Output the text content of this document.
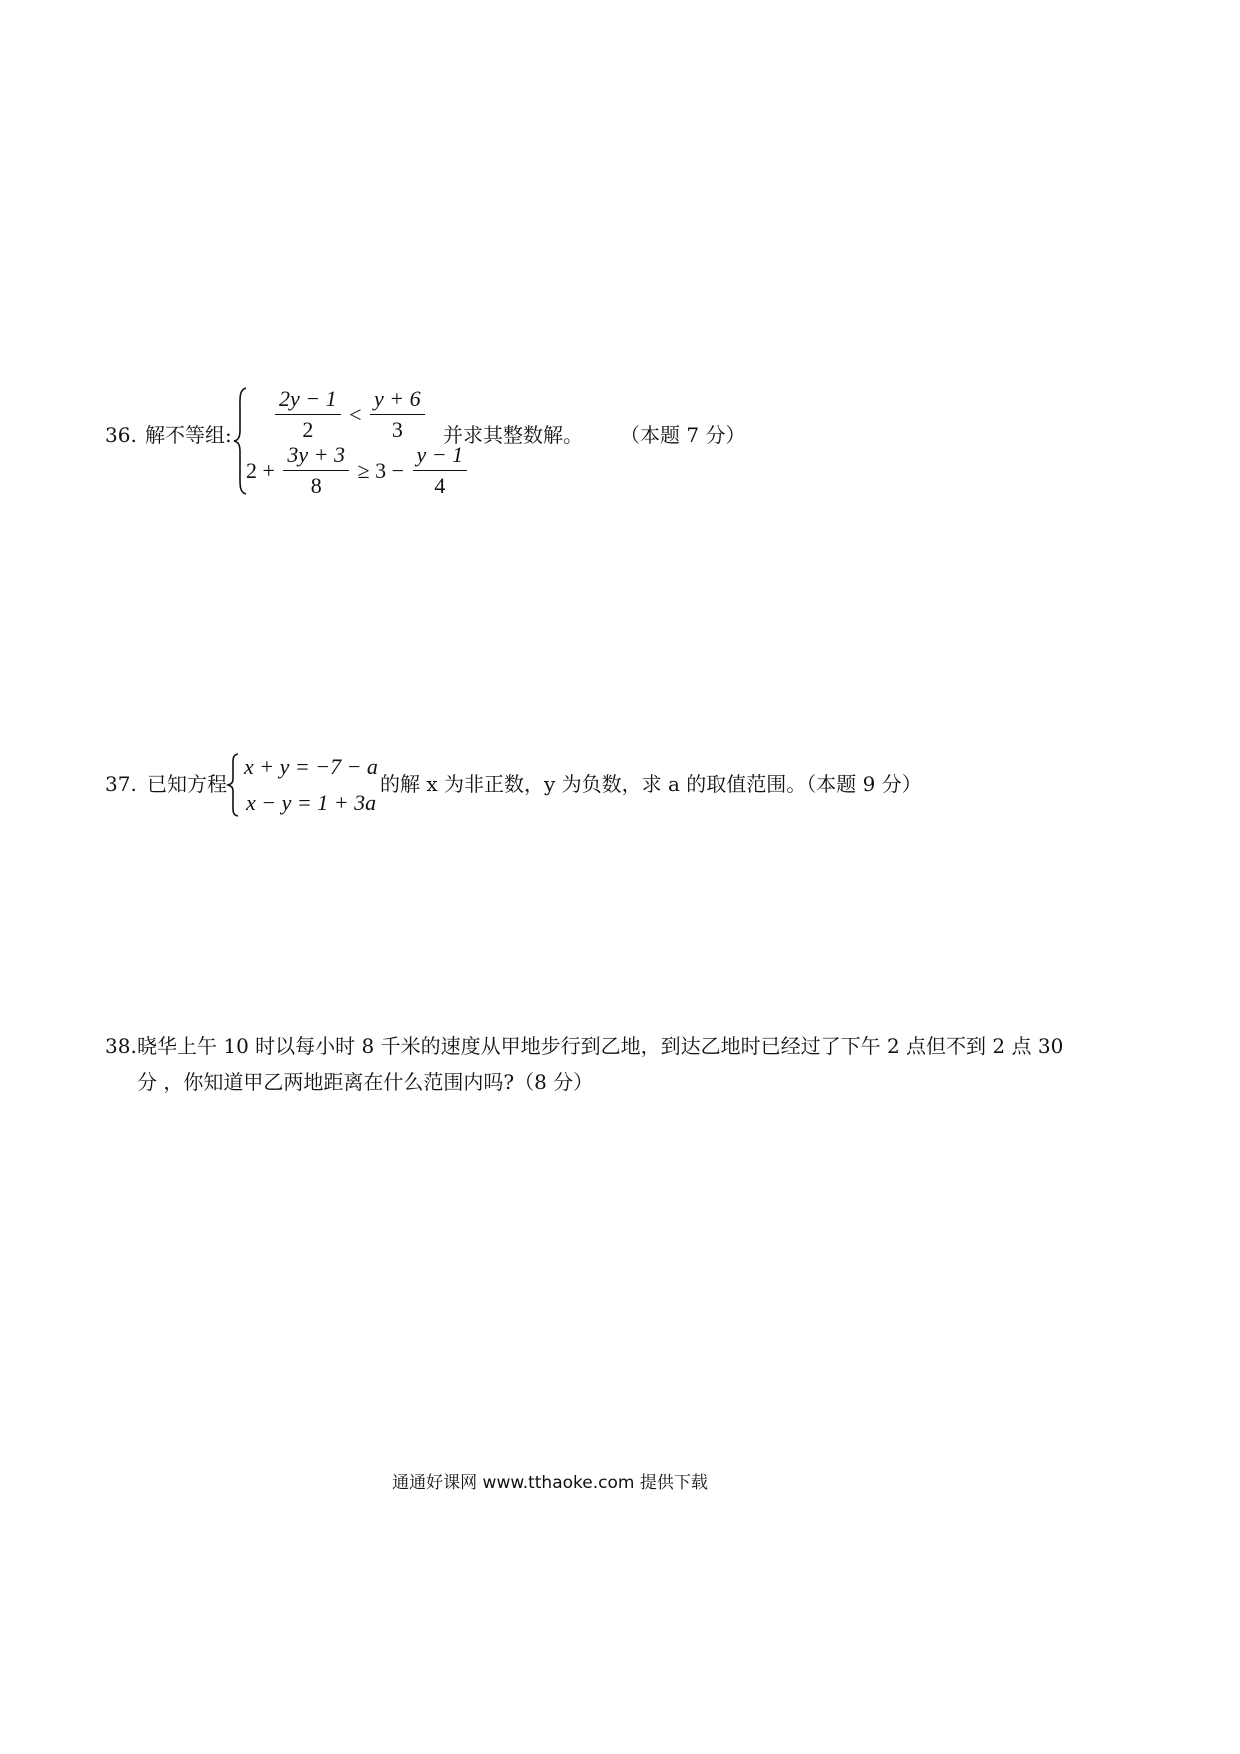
36. 解不等组: $\frac{2y - 1}{2} < \frac{y + 6}{3}$
$2 + \frac{3y + 3}{8} \ge 3 - \frac{y - 1}{4}$
并求其整数解。 （本题 7 分）
37. 已知方程
x + y = −7 − a
x − y = 1 + 3a
的解 x 为非正数，y 为负数，求 a 的取值范围。（本题 9 分）
38. 晓华上午 10 时以每小时 8 千米的速度从甲地步行到乙地，到达乙地时已经过了下午 2 点但不到 2 点 30
分 ，你知道甲乙两地距离在什么范围内吗?（8 分）
通通好课网 www.tthaoke.com 提供下载
